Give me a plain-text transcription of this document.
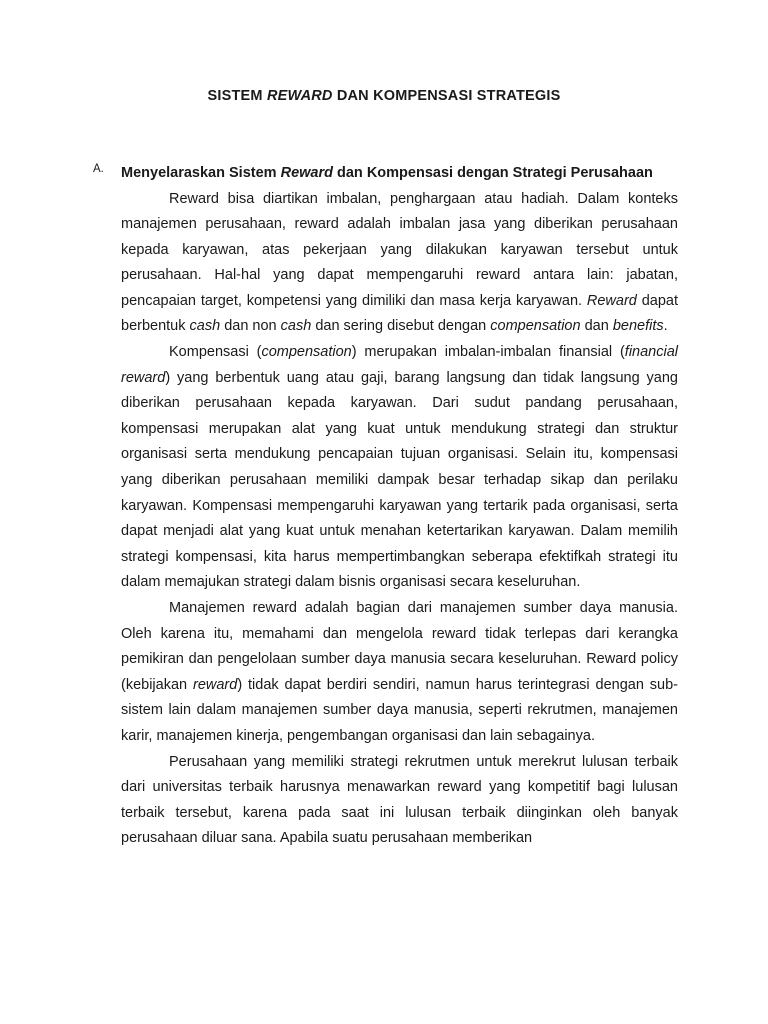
SISTEM REWARD DAN KOMPENSASI STRATEGIS
A.	Menyelaraskan Sistem Reward dan Kompensasi dengan Strategi Perusahaan

Reward bisa diartikan imbalan, penghargaan atau hadiah. Dalam konteks manajemen perusahaan, reward adalah imbalan jasa yang diberikan perusahaan kepada karyawan, atas pekerjaan yang dilakukan karyawan tersebut untuk perusahaan. Hal-hal yang dapat mempengaruhi reward antara lain: jabatan, pencapaian target, kompetensi yang dimiliki dan masa kerja karyawan. Reward dapat berbentuk cash dan non cash dan sering disebut dengan compensation dan benefits.

Kompensasi (compensation) merupakan imbalan-imbalan finansial (financial reward) yang berbentuk uang atau gaji, barang langsung dan tidak langsung yang diberikan perusahaan kepada karyawan. Dari sudut pandang perusahaan, kompensasi merupakan alat yang kuat untuk mendukung strategi dan struktur organisasi serta mendukung pencapaian tujuan organisasi. Selain itu, kompensasi yang diberikan perusahaan memiliki dampak besar terhadap sikap dan perilaku karyawan. Kompensasi mempengaruhi karyawan yang tertarik pada organisasi, serta dapat menjadi alat yang kuat untuk menahan ketertarikan karyawan. Dalam memilih strategi kompensasi, kita harus mempertimbangkan seberapa efektifkah strategi itu dalam memajukan strategi dalam bisnis organisasi secara keseluruhan.

Manajemen reward adalah bagian dari manajemen sumber daya manusia. Oleh karena itu, memahami dan mengelola reward tidak terlepas dari kerangka pemikiran dan pengelolaan sumber daya manusia secara keseluruhan. Reward policy (kebijakan reward) tidak dapat berdiri sendiri, namun harus terintegrasi dengan sub-sistem lain dalam manajemen sumber daya manusia, seperti rekrutmen, manajemen karir, manajemen kinerja, pengembangan organisasi dan lain sebagainya.

Perusahaan yang memiliki strategi rekrutmen untuk merekrut lulusan terbaik dari universitas terbaik harusnya menawarkan reward yang kompetitif bagi lulusan terbaik tersebut, karena pada saat ini lulusan terbaik diinginkan oleh banyak perusahaan diluar sana. Apabila suatu perusahaan memberikan
